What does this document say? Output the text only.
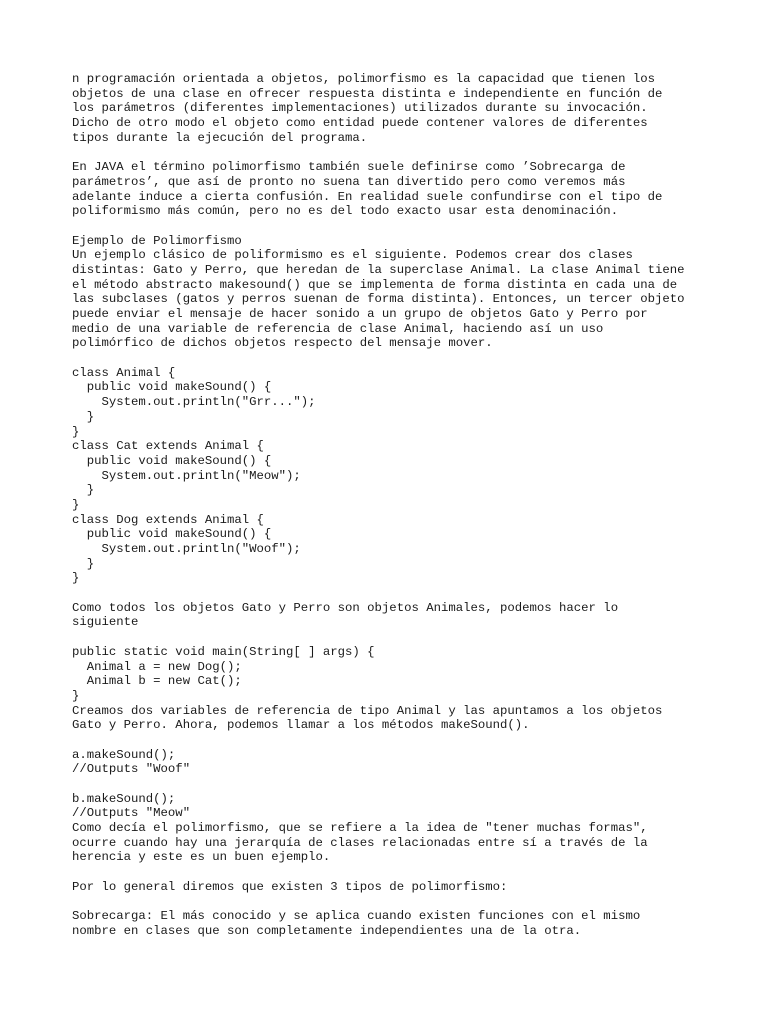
n programación orientada a objetos, polimorfismo es la capacidad que tienen los
objetos de una clase en ofrecer respuesta distinta e independiente en función de
los parámetros (diferentes implementaciones) utilizados durante su invocación.
Dicho de otro modo el objeto como entidad puede contener valores de diferentes
tipos durante la ejecución del programa.
En JAVA el término polimorfismo también suele definirse como ’Sobrecarga de
parámetros’, que así de pronto no suena tan divertido pero como veremos más
adelante induce a cierta confusión. En realidad suele confundirse con el tipo de
poliformismo más común, pero no es del todo exacto usar esta denominación.
Ejemplo de Polimorfismo
Un ejemplo clásico de poliformismo es el siguiente. Podemos crear dos clases
distintas: Gato y Perro, que heredan de la superclase Animal. La clase Animal tiene
el método abstracto makesound() que se implementa de forma distinta en cada una de
las subclases (gatos y perros suenan de forma distinta). Entonces, un tercer objeto
puede enviar el mensaje de hacer sonido a un grupo de objetos Gato y Perro por
medio de una variable de referencia de clase Animal, haciendo así un uso
polimórfico de dichos objetos respecto del mensaje mover.
class Animal {
public void makeSound() {
System.out.println("Grr...");
}
}
class Cat extends Animal {
public void makeSound() {
System.out.println("Meow");
}
}
class Dog extends Animal {
public void makeSound() {
System.out.println("Woof");
}
}
Como todos los objetos Gato y Perro son objetos Animales, podemos hacer lo
siguiente
public static void main(String[ ] args) {
Animal a = new Dog();
Animal b = new Cat();
}
Creamos dos variables de referencia de tipo Animal y las apuntamos a los objetos
Gato y Perro. Ahora, podemos llamar a los métodos makeSound().
a.makeSound();
//Outputs "Woof"
b.makeSound();
//Outputs "Meow"
Como decía el polimorfismo, que se refiere a la idea de "tener muchas formas",
ocurre cuando hay una jerarquía de clases relacionadas entre sí a través de la
herencia y este es un buen ejemplo.
Por lo general diremos que existen 3 tipos de polimorfismo:
Sobrecarga: El más conocido y se aplica cuando existen funciones con el mismo
nombre en clases que son completamente independientes una de la otra.
